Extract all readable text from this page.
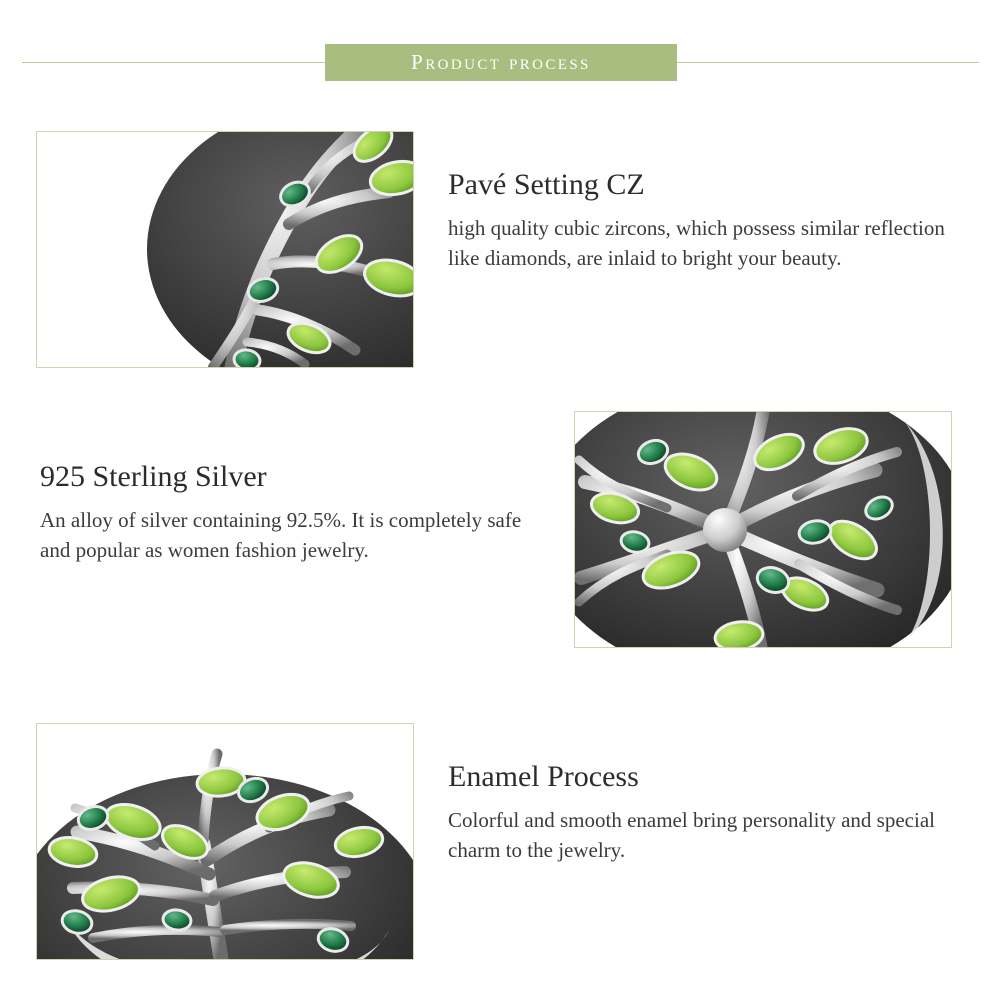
Product process
Pavé Setting CZ

high quality cubic zircons, which possess similar reflection like diamonds, are inlaid to bright your beauty.

925 Sterling Silver

An alloy of silver containing 92.5%. It is completely safe and popular as women fashion jewelry.

Enamel Process

Colorful and smooth enamel bring personality and special charm to the jewelry.
